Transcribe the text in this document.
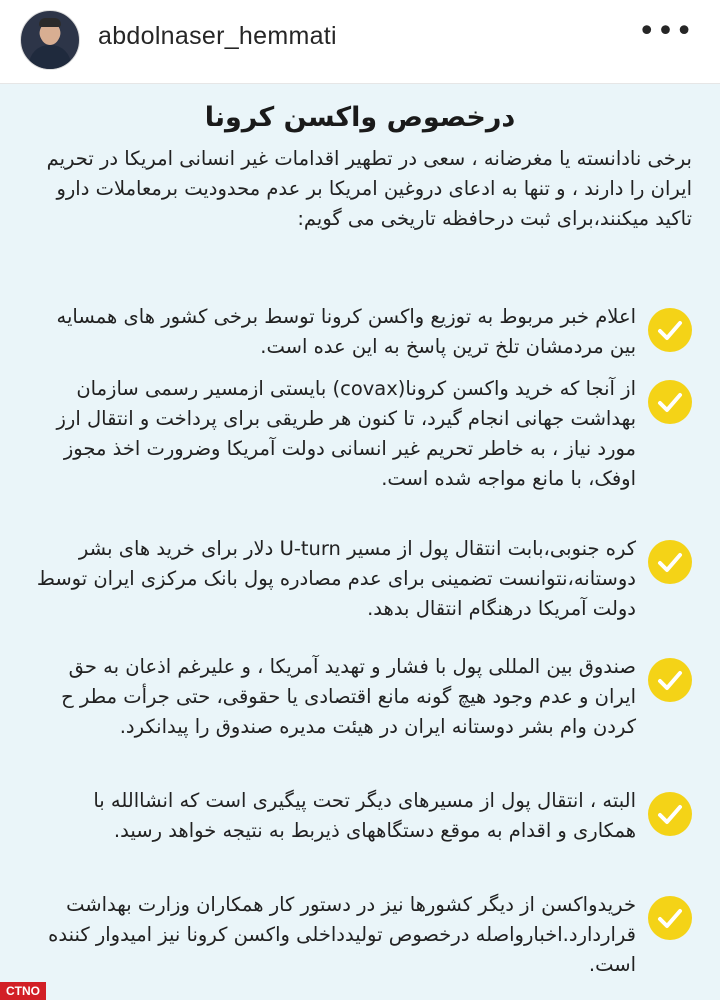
abdolnaser_hemmati	•••
درخصوص واکسن کرونا
برخی نادانسته یا مغرضانه ، سعی در تطهیر اقدامات غیر انسانی امریکا در تحریم ایران را دارند ، و تنها به ادعای دروغین امریکا بر عدم محدودیت برمعاملات دارو تاکید میکنند،برای ثبت درحافظه تاریخی می گویم:
اعلام خبر مربوط به توزیع واکسن کرونا توسط برخی کشور های همسایه بین مردمشان تلخ ترین پاسخ به این عده است.
از آنجا که خرید واکسن کرونا(covax) بایستی ازمسیر رسمی سازمان بهداشت جهانی انجام گیرد، تا کنون هر طریقی برای پرداخت و انتقال ارز مورد نیاز ، به خاطر تحریم غیر انسانی دولت آمریکا وضرورت اخذ مجوز اوفک، با مانع مواجه شده است.
کره جنوبی،بابت انتقال پول از مسیر U-turn دلار برای خرید های بشر دوستانه،نتوانست تضمینی برای عدم مصادره پول بانک مرکزی ایران توسط دولت آمریکا درهنگام انتقال بدهد.
صندوق بین المللی پول با فشار و تهدید آمریکا ، و علیرغم اذعان به حق ایران و عدم وجود هیچ گونه مانع اقتصادی یا حقوقی، حتی جرأت مطر ح کردن وام بشر دوستانه ایران در هیئت مدیره صندوق را پیدانکرد.
البته ، انتقال پول از مسیرهای دیگر تحت پیگیری است که انشاالله با همکاری و اقدام به موقع دستگاههای ذیربط به نتیجه خواهد رسید.
خریدواکسن از دیگر کشورها نیز در دستور کار همکاران وزارت بهداشت قراردارد.اخبارواصله درخصوص تولیدداخلی واکسن کرونا نیز امیدوار کننده است.
CTNO
